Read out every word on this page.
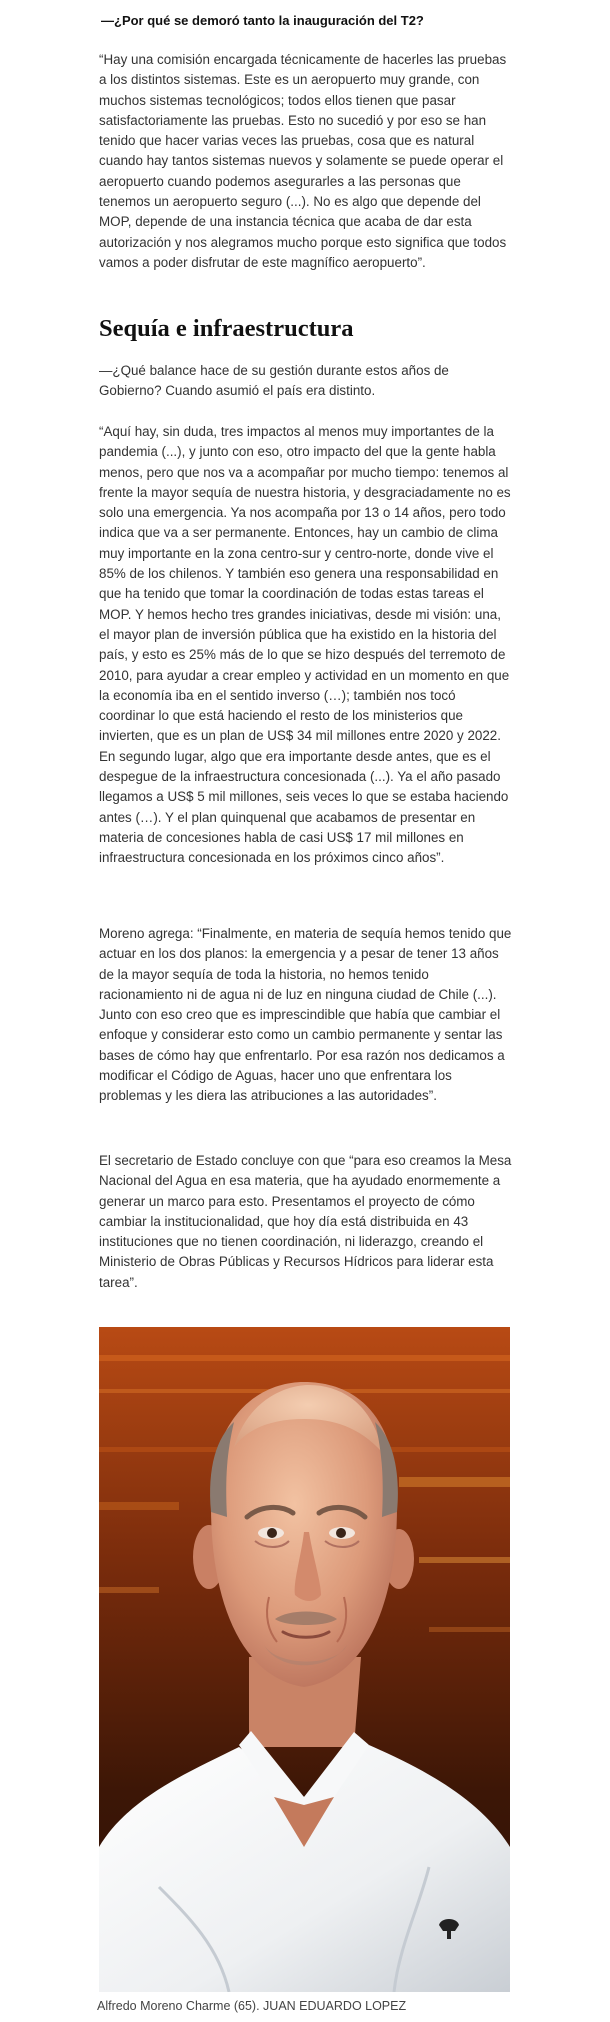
—¿Por qué se demoró tanto la inauguración del T2?

“Hay una comisión encargada técnicamente de hacerles las pruebas a los distintos sistemas. Este es un aeropuerto muy grande, con muchos sistemas tecnológicos; todos ellos tienen que pasar satisfactoriamente las pruebas. Esto no sucedió y por eso se han tenido que hacer varias veces las pruebas, cosa que es natural cuando hay tantos sistemas nuevos y solamente se puede operar el aeropuerto cuando podemos asegurarles a las personas que tenemos un aeropuerto seguro (...). No es algo que depende del MOP, depende de una instancia técnica que acaba de dar esta autorización y nos alegramos mucho porque esto significa que todos vamos a poder disfrutar de este magnífico aeropuerto”.

Sequía e infraestructura

—¿Qué balance hace de su gestión durante estos años de Gobierno? Cuando asumió el país era distinto.

“Aquí hay, sin duda, tres impactos al menos muy importantes de la pandemia (...), y junto con eso, otro impacto del que la gente habla menos, pero que nos va a acompañar por mucho tiempo: tenemos al frente la mayor sequía de nuestra historia, y desgraciadamente no es solo una emergencia. Ya nos acompaña por 13 o 14 años, pero todo indica que va a ser permanente. Entonces, hay un cambio de clima muy importante en la zona centro-sur y centro-norte, donde vive el 85% de los chilenos. Y también eso genera una responsabilidad en que ha tenido que tomar la coordinación de todas estas tareas el MOP. Y hemos hecho tres grandes iniciativas, desde mi visión: una, el mayor plan de inversión pública que ha existido en la historia del país, y esto es 25% más de lo que se hizo después del terremoto de 2010, para ayudar a crear empleo y actividad en un momento en que la economía iba en el sentido inverso (…); también nos tocó coordinar lo que está haciendo el resto de los ministerios que invierten, que es un plan de US$ 34 mil millones entre 2020 y 2022. En segundo lugar, algo que era importante desde antes, que es el despegue de la infraestructura concesionada (...). Ya el año pasado llegamos a US$ 5 mil millones, seis veces lo que se estaba haciendo antes (…). Y el plan quinquenal que acabamos de presentar en materia de concesiones habla de casi US$ 17 mil millones en infraestructura concesionada en los próximos cinco años”.

Moreno agrega: “Finalmente, en materia de sequía hemos tenido que actuar en los dos planos: la emergencia y a pesar de tener 13 años de la mayor sequía de toda la historia, no hemos tenido racionamiento ni de agua ni de luz en ninguna ciudad de Chile (...). Junto con eso creo que es imprescindible que había que cambiar el enfoque y considerar esto como un cambio permanente y sentar las bases de cómo hay que enfrentarlo. Por esa razón nos dedicamos a modificar el Código de Aguas, hacer uno que enfrentara los problemas y les diera las atribuciones a las autoridades”.

El secretario de Estado concluye con que “para eso creamos la Mesa Nacional del Agua en esa materia, que ha ayudado enormemente a generar un marco para esto. Presentamos el proyecto de cómo cambiar la institucionalidad, que hoy día está distribuida en 43 instituciones que no tienen coordinación, ni liderazgo, creando el Ministerio de Obras Públicas y Recursos Hídricos para liderar esta tarea”.

Alfredo Moreno Charme (65). JUAN EDUARDO LOPEZ
